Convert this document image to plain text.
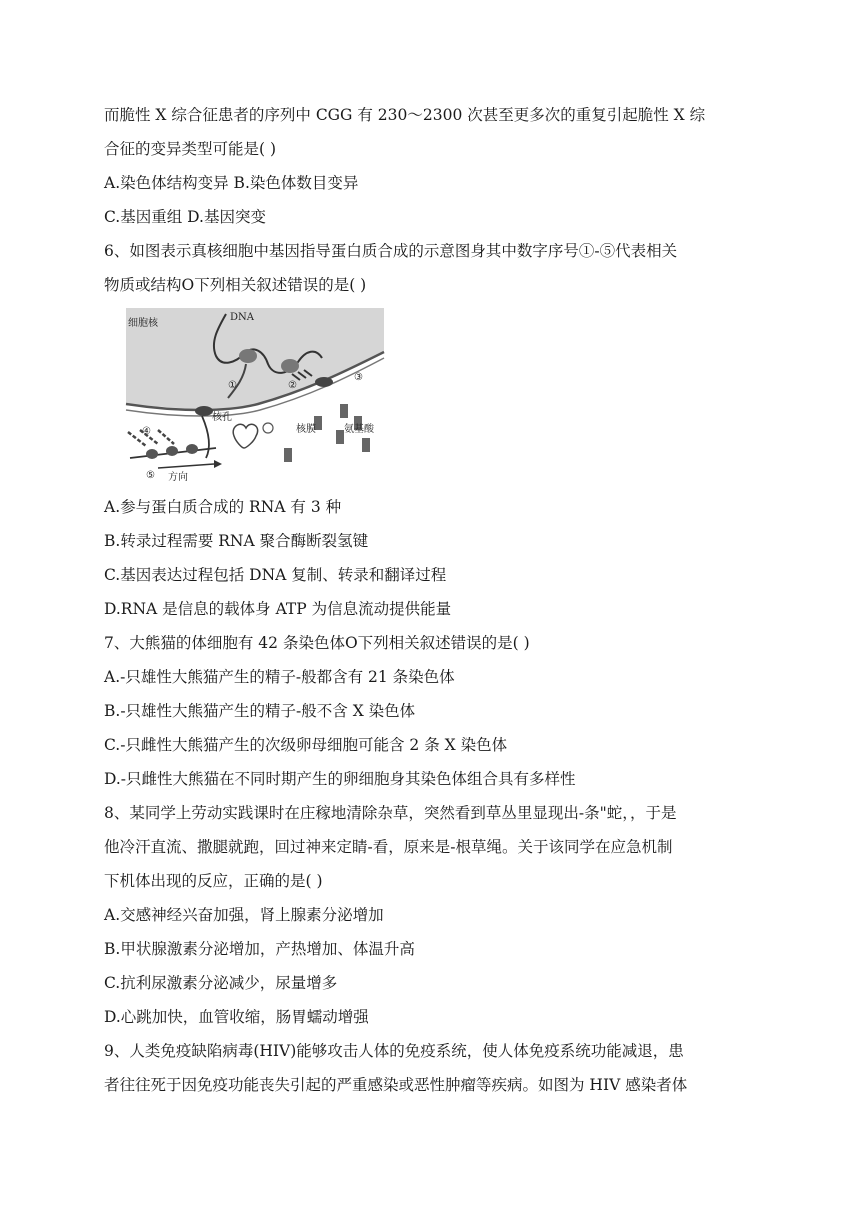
而脆性 X 综合征患者的序列中 CGG 有 230～2300 次甚至更多次的重复引起脆性 X 综
合征的变异类型可能是( )
A.染色体结构变异 B.染色体数目变异
C.基因重组 D.基因突变
6、如图表示真核细胞中基因指导蛋白质合成的示意图身其中数字序号①-⑤代表相关
物质或结构O下列相关叙述错误的是( )
细胞核
DNA
①	②
③
④
⑤
核孔
核膜	氨基酸
方向
A.参与蛋白质合成的 RNA 有 3 种
B.转录过程需要 RNA 聚合酶断裂氢键
C.基因表达过程包括 DNA 复制、转录和翻译过程
D.RNA 是信息的载体身 ATP 为信息流动提供能量
7、大熊猫的体细胞有 42 条染色体O下列相关叙述错误的是( )
A.-只雄性大熊猫产生的精子-般都含有 21 条染色体
B.-只雄性大熊猫产生的精子-般不含 X 染色体
C.-只雌性大熊猫产生的次级卵母细胞可能含 2 条 X 染色体
D.-只雌性大熊猫在不同时期产生的卵细胞身其染色体组合具有多样性
8、某同学上劳动实践课时在庄稼地清除杂草，突然看到草丛里显现出-条"蛇，，于是
他冷汗直流、撒腿就跑，回过神来定睛-看，原来是-根草绳。关于该同学在应急机制
下机体出现的反应，正确的是( )
A.交感神经兴奋加强，肾上腺素分泌增加
B.甲状腺激素分泌增加，产热增加、体温升高
C.抗利尿激素分泌减少，尿量增多
D.心跳加快，血管收缩，肠胃蠕动增强
9、人类免疫缺陷病毒(HIV)能够攻击人体的免疫系统，使人体免疫系统功能减退，患
者往往死于因免疫功能丧失引起的严重感染或恶性肿瘤等疾病。如图为 HIV 感染者体
